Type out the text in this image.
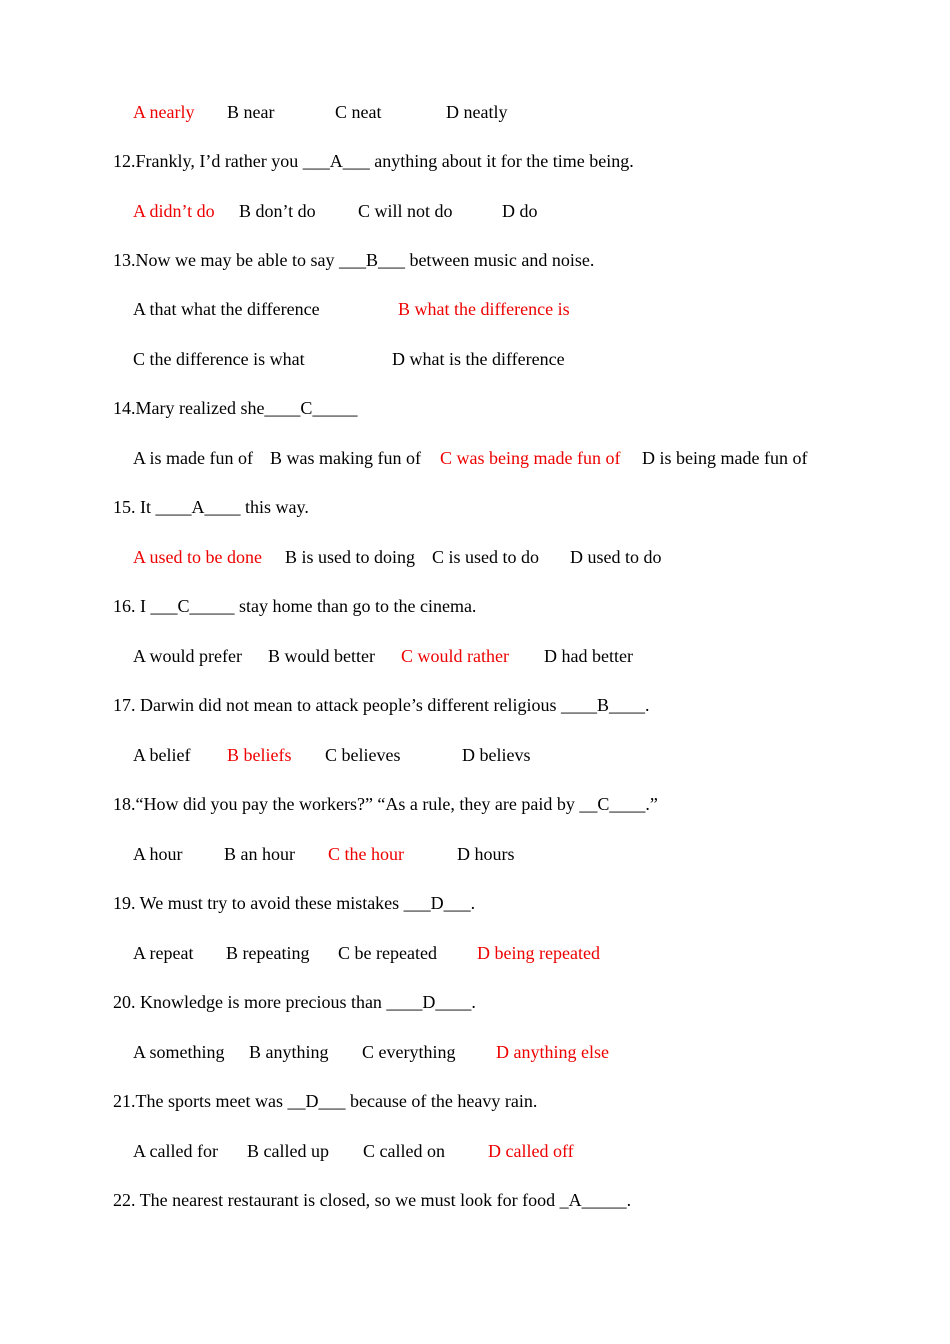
A nearly

B near

	C neat

	D neatly

12.Frankly, I’d rather you ___A___ anything about it for the time being.

A didn’t do

B don’t do

C will not do

	D do

13.Now we may be able to say ___B___ between music and noise.

A that what the difference

	B what the difference is

C the difference is what

	D what is the difference

14.Mary realized she____C_____

A is made fun of

B was making fun of

C was being made fun of

D is being made fun of

15. It ____A____ this way.

A used to be done

B is used to doing

C is used to do

D used to do

16. I ___C_____ stay home than go to the cinema.

A would prefer

B would better

C would rather

D had better

17. Darwin did not mean to attack people’s different religious ____B____.

A belief

B beliefs

C believes

	D believs

18.“How did you pay the workers?” “As a rule, they are paid by __C____.”

A hour

B an hour

C the hour

	D hours

19. We must try to avoid these mistakes ___D___.

A repeat

B repeating

C be repeated

D being repeated

20. Knowledge is more precious than ____D____.

A something

B anything

C everything

D anything else

21.The sports meet was __D___ because of the heavy rain.

A called for

B called up

C called on

D called off

22. The nearest restaurant is closed, so we must look for food _A_____.
